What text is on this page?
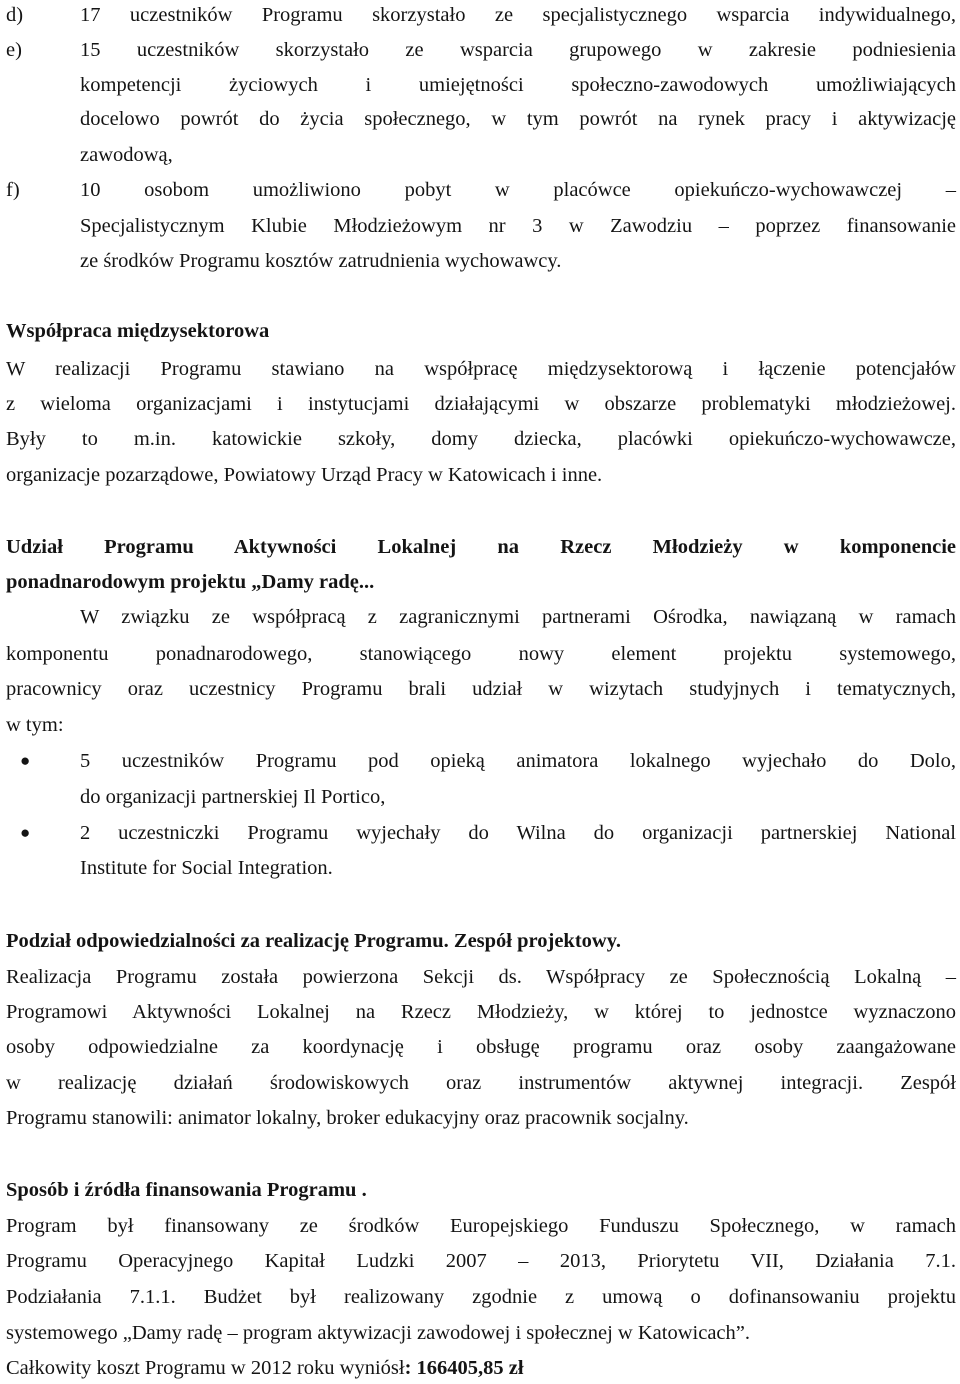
d)	17 uczestników Programu skorzystało ze specjalistycznego wsparcia indywidualnego,
e)	15 uczestników skorzystało ze wsparcia grupowego w zakresie podniesienia
kompetencji życiowych i umiejętności społeczno-zawodowych umożliwiających
docelowo powrót do życia społecznego, w tym powrót na rynek pracy i aktywizację
zawodową,
f)	10 osobom umożliwiono pobyt w placówce opiekuńczo-wychowawczej –
Specjalistycznym Klubie Młodzieżowym nr 3 w Zawodziu – poprzez finansowanie
ze środków Programu kosztów zatrudnienia wychowawcy.
Współpraca międzysektorowa
W realizacji Programu stawiano na współpracę międzysektorową i łączenie potencjałów
z wieloma organizacjami i instytucjami działającymi w obszarze problematyki młodzieżowej.
Były to m.in. katowickie szkoły, domy dziecka, placówki opiekuńczo-wychowawcze,
organizacje pozarządowe, Powiatowy Urząd Pracy w Katowicach i inne.
Udział Programu Aktywności Lokalnej na Rzecz Młodzieży w komponencie
ponadnarodowym projektu „Damy radę...
W związku ze współpracą z zagranicznymi partnerami Ośrodka, nawiązaną w ramach
komponentu ponadnarodowego, stanowiącego nowy element projektu systemowego,
pracownicy oraz uczestnicy Programu brali udział w wizytach studyjnych i tematycznych,
w tym:
● 5 uczestników Programu pod opieką animatora lokalnego wyjechało do Dolo,
do organizacji partnerskiej Il Portico,
● 2 uczestniczki Programu wyjechały do Wilna do organizacji partnerskiej National
Institute for Social Integration.
Podział odpowiedzialności za realizację Programu. Zespół projektowy.
Realizacja Programu została powierzona Sekcji ds. Współpracy ze Społecznością Lokalną –
Programowi Aktywności Lokalnej na Rzecz Młodzieży, w której to jednostce wyznaczono
osoby odpowiedzialne za koordynację i obsługę programu oraz osoby zaangażowane
w realizację działań środowiskowych oraz instrumentów aktywnej integracji. Zespół
Programu stanowili: animator lokalny, broker edukacyjny oraz pracownik socjalny.
Sposób i źródła finansowania Programu .
Program był finansowany ze środków Europejskiego Funduszu Społecznego, w ramach
Programu Operacyjnego Kapitał Ludzki 2007 – 2013, Priorytetu VII, Działania 7.1.
Podziałania 7.1.1. Budżet był realizowany zgodnie z umową o dofinansowaniu projektu
systemowego „Damy radę – program aktywizacji zawodowej i społecznej w Katowicach”.
Całkowity koszt Programu w 2012 roku wyniósł: 166405,85 zł
